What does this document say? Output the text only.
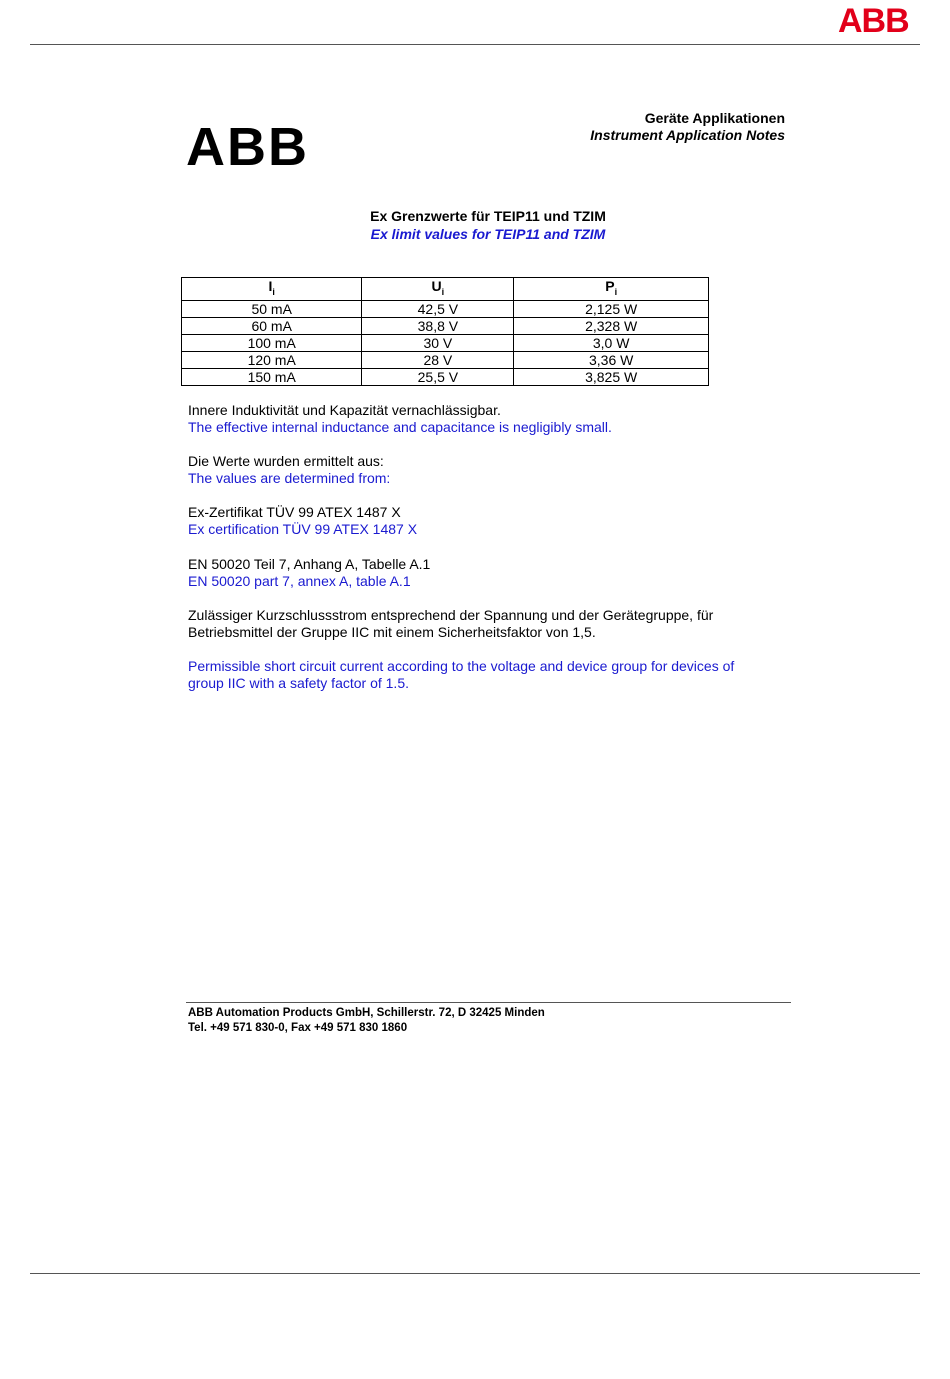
ABB
ABB	Geräte Applikationen
Instrument Application Notes
Ex Grenzwerte für TEIP11 und TZIM
Ex limit values for TEIP11 and TZIM
$I_i$	$U_i$	$P_i$
50 mA	42,5 V	2,125 W
60 mA	38,8 V	2,328 W
100 mA	30 V	3,0 W
120 mA	28 V	3,36 W
150 mA	25,5 V	3,825 W
Innere Induktivität und Kapazität vernachlässigbar.
The effective internal inductance and capacitance is negligibly small.
Die Werte wurden ermittelt aus:
The values are determined from:
Ex-Zertifikat TÜV 99 ATEX 1487 X
Ex certification TÜV 99 ATEX 1487 X
EN 50020 Teil 7, Anhang A, Tabelle A.1
EN 50020 part 7, annex A, table A.1
Zulässiger Kurzschlussstrom entsprechend der Spannung und der Gerätegruppe, für
Betriebsmittel der Gruppe IIC mit einem Sicherheitsfaktor von 1,5.
Permissible short circuit current according to the voltage and device group for devices of
group IIC with a safety factor of 1.5.
ABB Automation Products GmbH, Schillerstr. 72, D 32425 Minden
Tel. +49 571 830-0, Fax +49 571 830 1860
